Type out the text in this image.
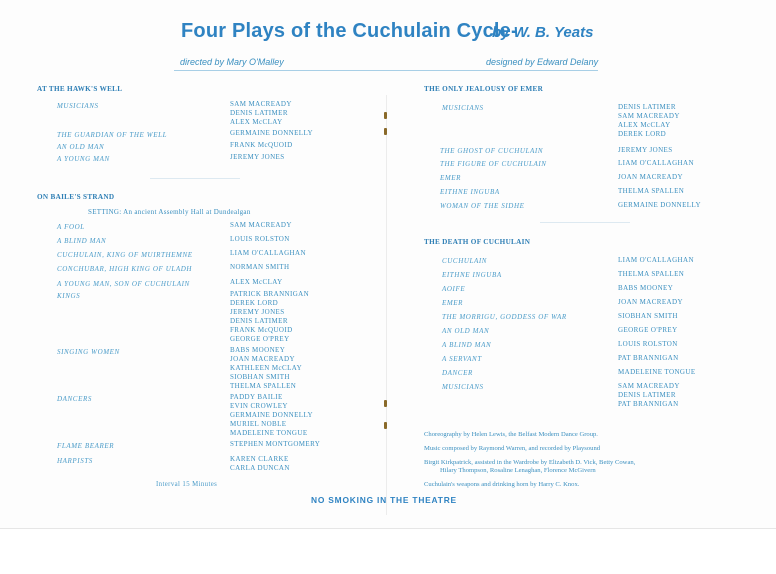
Four Plays of the Cuchulain Cycle-
by W. B. Yeats
directed by Mary O'Malley	designed by Edward Delany
AT THE HAWK'S WELL
MUSICIANS	SAM MACREADY
DENIS LATIMER
ALEX McCLAY
THE GUARDIAN OF THE WELL	GERMAINE DONNELLY
AN OLD MAN	FRANK McQUOID
A YOUNG MAN	JEREMY JONES
ON BAILE'S STRAND
SETTING: An ancient Assembly Hall at Dundealgan
A FOOL	SAM MACREADY
A BLIND MAN	LOUIS ROLSTON
CUCHULAIN, KING OF MUIRTHEMNE	LIAM O'CALLAGHAN
CONCHUBAR, HIGH KING OF ULADH	NORMAN SMITH
A YOUNG MAN, SON OF CUCHULAIN	ALEX McCLAY
KINGS	PATRICK BRANNIGAN
DEREK LORD
JEREMY JONES
DENIS LATIMER
FRANK McQUOID
GEORGE O'PREY
SINGING WOMEN	BABS MOONEY
JOAN MACREADY
KATHLEEN McCLAY
SIOBHAN SMITH
THELMA SPALLEN
DANCERS	PADDY BAILIE
EVIN CROWLEY
GERMAINE DONNELLY
MURIEL NOBLE
MADELEINE TONGUE
FLAME BEARER	STEPHEN MONTGOMERY
HARPISTS	KAREN CLARKE
CARLA DUNCAN
Interval 15 Minutes
THE ONLY JEALOUSY OF EMER
MUSICIANS	DENIS LATIMER
SAM MACREADY
ALEX McCLAY
DEREK LORD
THE GHOST OF CUCHULAIN	JEREMY JONES
THE FIGURE OF CUCHULAIN	LIAM O'CALLAGHAN
EMER	JOAN MACREADY
EITHNE INGUBA	THELMA SPALLEN
WOMAN OF THE SIDHE	GERMAINE DONNELLY
THE DEATH OF CUCHULAIN
CUCHULAIN	LIAM O'CALLAGHAN
EITHNE INGUBA	THELMA SPALLEN
AOIFE	BABS MOONEY
EMER	JOAN MACREADY
THE MORRIGU, GODDESS OF WAR	SIOBHAN SMITH
AN OLD MAN	GEORGE O'PREY
A BLIND MAN	LOUIS ROLSTON
A SERVANT	PAT BRANNIGAN
DANCER	MADELEINE TONGUE
MUSICIANS	SAM MACREADY
DENIS LATIMER
PAT BRANNIGAN
Choreography by Helen Lewis, the Belfast Modern Dance Group.
Music composed by Raymond Warren, and recorded by Playsound
Birgit Kirkpatrick, assisted in the Wardrobe by Elizabeth D. Vick, Betty Cowan,
Hilary Thompson, Rosaline Lenaghan, Florence McGivern
Cuchulain's weapons and drinking horn by Harry C. Knox.
NO SMOKING IN THE THEATRE
